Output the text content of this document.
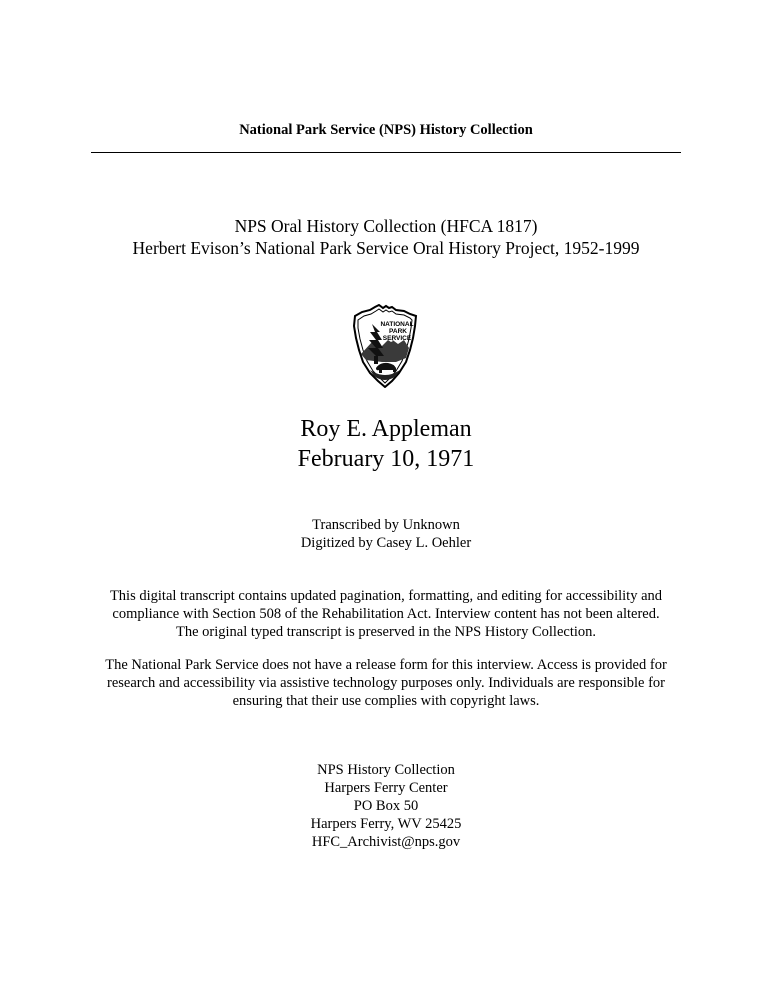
National Park Service (NPS) History Collection
NPS Oral History Collection (HFCA 1817)
Herbert Evison’s National Park Service Oral History Project, 1952-1999
NATIONAL
PARK
SERVICE
Roy E. Appleman
February 10, 1971
Transcribed by Unknown
Digitized by Casey L. Oehler
This digital transcript contains updated pagination, formatting, and editing for accessibility and
compliance with Section 508 of the Rehabilitation Act. Interview content has not been altered.
The original typed transcript is preserved in the NPS History Collection.
The National Park Service does not have a release form for this interview. Access is provided for
research and accessibility via assistive technology purposes only. Individuals are responsible for
ensuring that their use complies with copyright laws.
NPS History Collection
Harpers Ferry Center
PO Box 50
Harpers Ferry, WV 25425
HFC_Archivist@nps.gov
